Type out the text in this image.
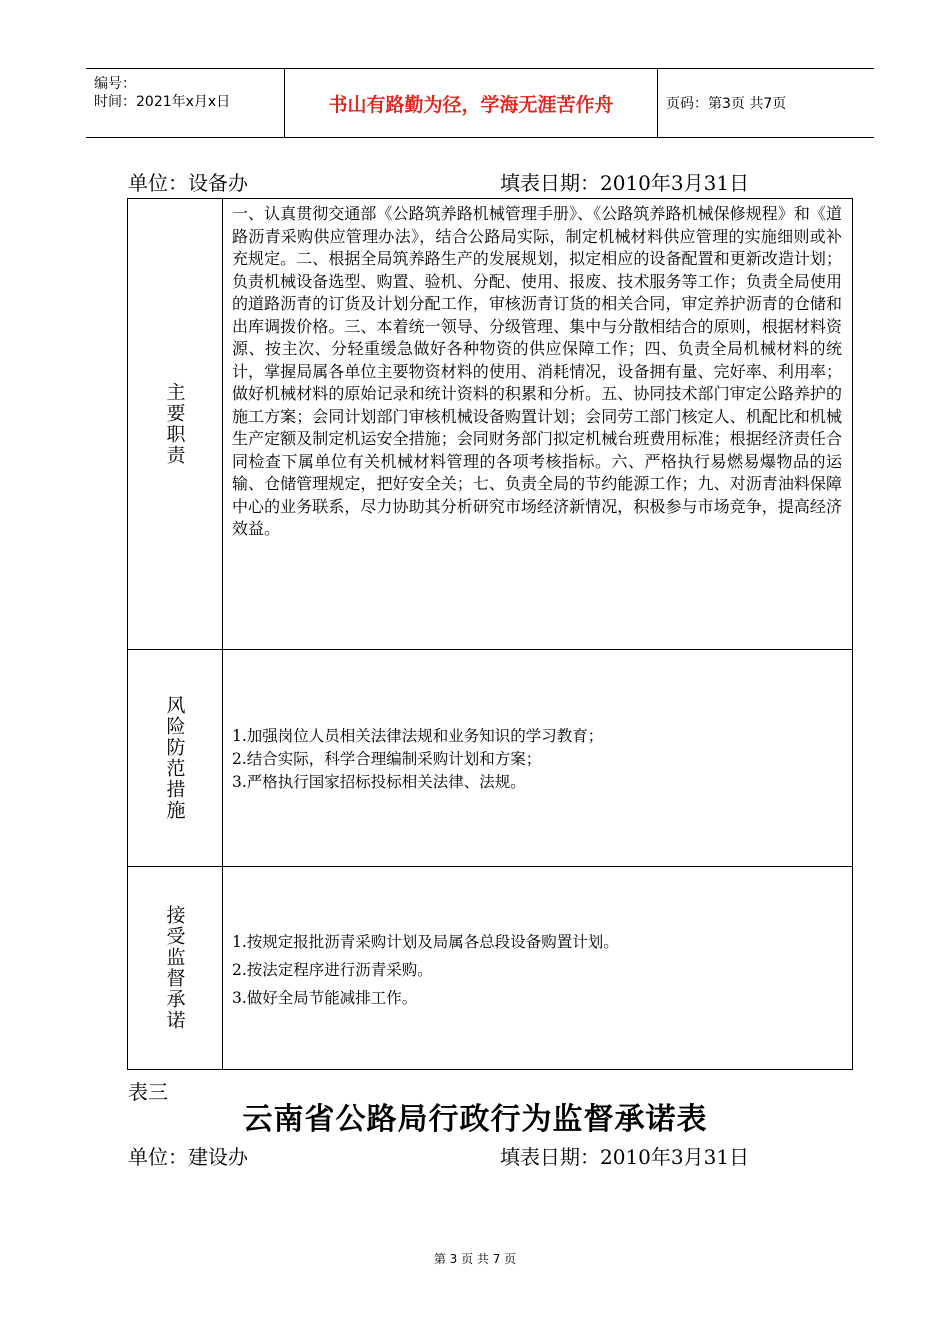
编号：
时间：2021年x月x日	书山有路勤为径，学海无涯苦作舟	页码：第3页 共7页
单位：设备办	填表日期：2010年3月31日
主要职责

一、认真贯彻交通部《公路筑养路机械管理手册》、《公路筑养路机械保修规程》和《道路沥青采购供应管理办法》，结合公路局实际，制定机械材料供应管理的实施细则或补充规定。二、根据全局筑养路生产的发展规划，拟定相应的设备配置和更新改造计划；负责机械设备选型、购置、验机、分配、使用、报废、技术服务等工作；负责全局使用的道路沥青的订货及计划分配工作，审核沥青订货的相关合同，审定养护沥青的仓储和出库调拨价格。三、本着统一领导、分级管理、集中与分散相结合的原则，根据材料资源、按主次、分轻重缓急做好各种物资的供应保障工作；四、负责全局机械材料的统计，掌握局属各单位主要物资材料的使用、消耗情况，设备拥有量、完好率、利用率；做好机械材料的原始记录和统计资料的积累和分析。五、协同技术部门审定公路养护的施工方案；会同计划部门审核机械设备购置计划；会同劳工部门核定人、机配比和机械生产定额及制定机运安全措施；会同财务部门拟定机械台班费用标准；根据经济责任合同检查下属单位有关机械材料管理的各项考核指标。六、严格执行易燃易爆物品的运输、仓储管理规定，把好安全关；七、负责全局的节约能源工作；九、对沥青油料保障中心的业务联系，尽力协助其分析研究市场经济新情况，积极参与市场竞争，提高经济效益。

风险防范措施	1.加强岗位人员相关法律法规和业务知识的学习教育；
2.结合实际，科学合理编制采购计划和方案；
3.严格执行国家招标投标相关法律、法规。
接受监督承诺	1.按规定报批沥青采购计划及局属各总段设备购置计划。
2.按法定程序进行沥青采购。
3.做好全局节能减排工作。
表三
云南省公路局行政行为监督承诺表
单位：建设办	填表日期：2010年3月31日
第 3 页 共 7 页
